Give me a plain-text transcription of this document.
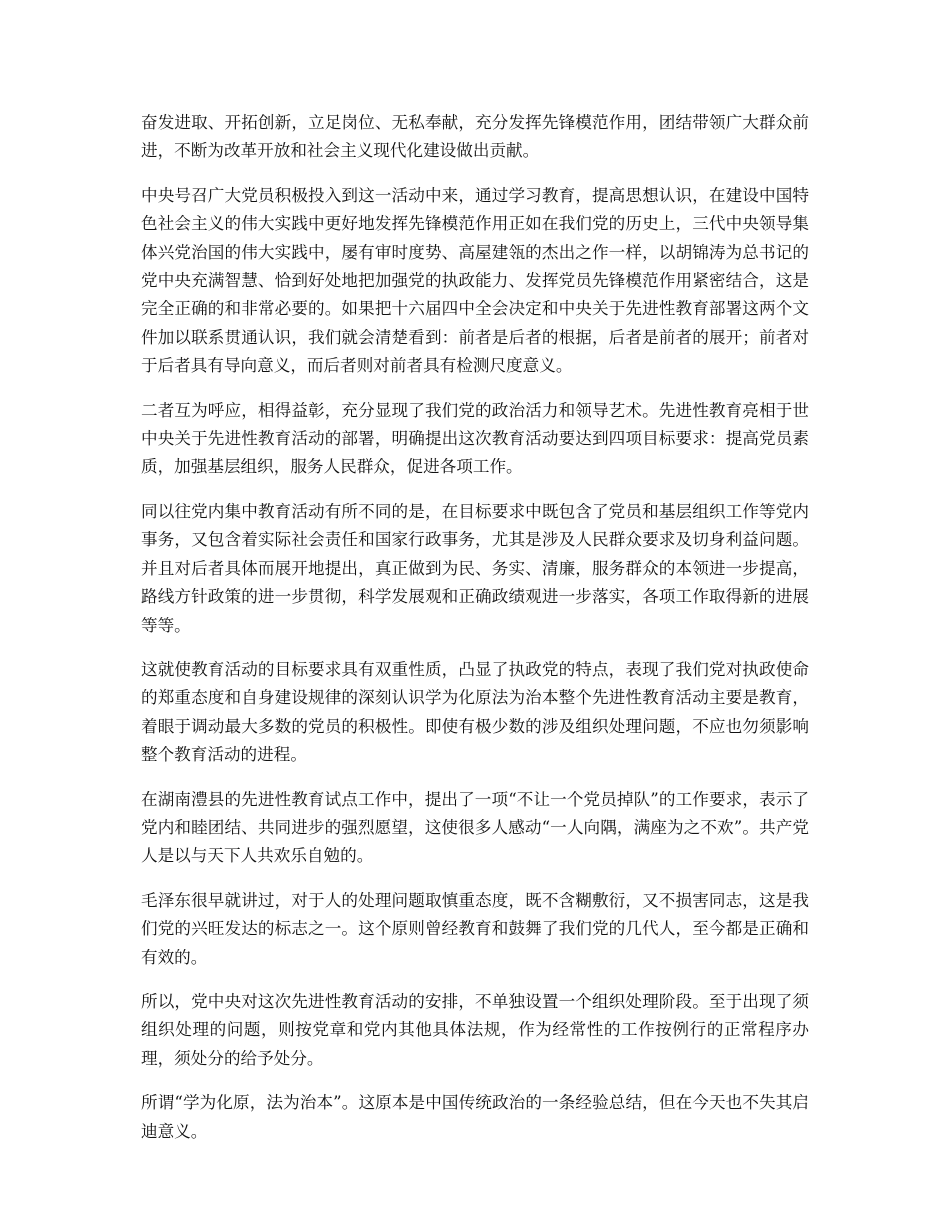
奋发进取、开拓创新，立足岗位、无私奉献，充分发挥先锋模范作用，团结带领广大群众前进，不断为改革开放和社会主义现代化建设做出贡献。

中央号召广大党员积极投入到这一活动中来，通过学习教育，提高思想认识，在建设中国特色社会主义的伟大实践中更好地发挥先锋模范作用正如在我们党的历史上，三代中央领导集体兴党治国的伟大实践中，屡有审时度势、高屋建瓴的杰出之作一样，以胡锦涛为总书记的党中央充满智慧、恰到好处地把加强党的执政能力、发挥党员先锋模范作用紧密结合，这是完全正确的和非常必要的。如果把十六届四中全会决定和中央关于先进性教育部署这两个文件加以联系贯通认识，我们就会清楚看到：前者是后者的根据，后者是前者的展开；前者对于后者具有导向意义，而后者则对前者具有检测尺度意义。

二者互为呼应，相得益彰，充分显现了我们党的政治活力和领导艺术。先进性教育亮相于世中央关于先进性教育活动的部署，明确提出这次教育活动要达到四项目标要求：提高党员素质，加强基层组织，服务人民群众，促进各项工作。

同以往党内集中教育活动有所不同的是，在目标要求中既包含了党员和基层组织工作等党内事务，又包含着实际社会责任和国家行政事务，尤其是涉及人民群众要求及切身利益问题。并且对后者具体而展开地提出，真正做到为民、务实、清廉，服务群众的本领进一步提高，路线方针政策的进一步贯彻，科学发展观和正确政绩观进一步落实，各项工作取得新的进展等等。

这就使教育活动的目标要求具有双重性质，凸显了执政党的特点，表现了我们党对执政使命的郑重态度和自身建设规律的深刻认识学为化原法为治本整个先进性教育活动主要是教育，着眼于调动最大多数的党员的积极性。即使有极少数的涉及组织处理问题，不应也勿须影响整个教育活动的进程。

在湖南澧县的先进性教育试点工作中，提出了一项“不让一个党员掉队”的工作要求，表示了党内和睦团结、共同进步的强烈愿望，这使很多人感动“一人向隅，满座为之不欢”。共产党人是以与天下人共欢乐自勉的。

毛泽东很早就讲过，对于人的处理问题取慎重态度，既不含糊敷衍，又不损害同志，这是我们党的兴旺发达的标志之一。这个原则曾经教育和鼓舞了我们党的几代人，至今都是正确和有效的。

所以，党中央对这次先进性教育活动的安排，不单独设置一个组织处理阶段。至于出现了须组织处理的问题，则按党章和党内其他具体法规，作为经常性的工作按例行的正常程序办理，须处分的给予处分。

所谓“学为化原，法为治本”。这原本是中国传统政治的一条经验总结，但在今天也不失其启迪意义。
